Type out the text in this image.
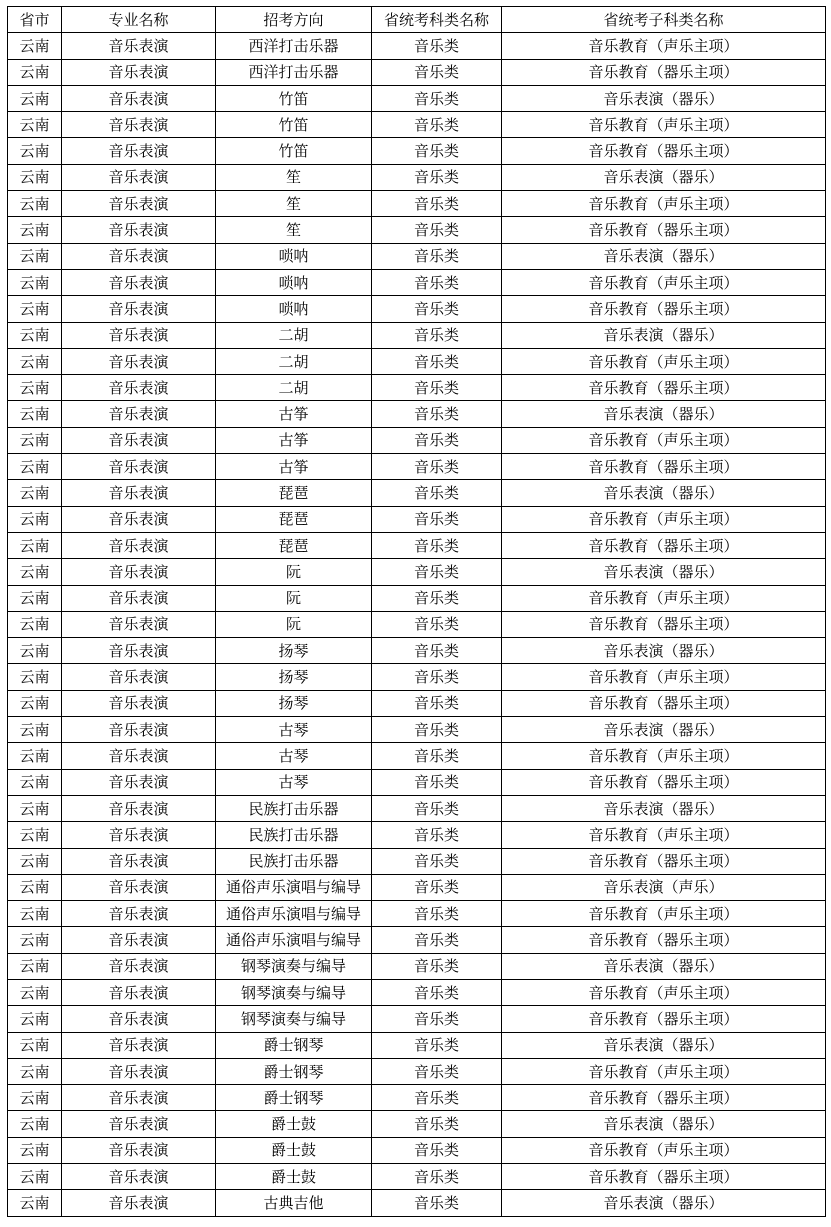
省市	专业名称	招考方向	省统考科类名称	省统考子科类名称
云南	音乐表演	西洋打击乐器	音乐类	音乐教育（声乐主项）
云南	音乐表演	西洋打击乐器	音乐类	音乐教育（器乐主项）
云南	音乐表演	竹笛	音乐类	音乐表演（器乐）
云南	音乐表演	竹笛	音乐类	音乐教育（声乐主项）
云南	音乐表演	竹笛	音乐类	音乐教育（器乐主项）
云南	音乐表演	笙	音乐类	音乐表演（器乐）
云南	音乐表演	笙	音乐类	音乐教育（声乐主项）
云南	音乐表演	笙	音乐类	音乐教育（器乐主项）
云南	音乐表演	唢呐	音乐类	音乐表演（器乐）
云南	音乐表演	唢呐	音乐类	音乐教育（声乐主项）
云南	音乐表演	唢呐	音乐类	音乐教育（器乐主项）
云南	音乐表演	二胡	音乐类	音乐表演（器乐）
云南	音乐表演	二胡	音乐类	音乐教育（声乐主项）
云南	音乐表演	二胡	音乐类	音乐教育（器乐主项）
云南	音乐表演	古筝	音乐类	音乐表演（器乐）
云南	音乐表演	古筝	音乐类	音乐教育（声乐主项）
云南	音乐表演	古筝	音乐类	音乐教育（器乐主项）
云南	音乐表演	琵琶	音乐类	音乐表演（器乐）
云南	音乐表演	琵琶	音乐类	音乐教育（声乐主项）
云南	音乐表演	琵琶	音乐类	音乐教育（器乐主项）
云南	音乐表演	阮	音乐类	音乐表演（器乐）
云南	音乐表演	阮	音乐类	音乐教育（声乐主项）
云南	音乐表演	阮	音乐类	音乐教育（器乐主项）
云南	音乐表演	扬琴	音乐类	音乐表演（器乐）
云南	音乐表演	扬琴	音乐类	音乐教育（声乐主项）
云南	音乐表演	扬琴	音乐类	音乐教育（器乐主项）
云南	音乐表演	古琴	音乐类	音乐表演（器乐）
云南	音乐表演	古琴	音乐类	音乐教育（声乐主项）
云南	音乐表演	古琴	音乐类	音乐教育（器乐主项）
云南	音乐表演	民族打击乐器	音乐类	音乐表演（器乐）
云南	音乐表演	民族打击乐器	音乐类	音乐教育（声乐主项）
云南	音乐表演	民族打击乐器	音乐类	音乐教育（器乐主项）
云南	音乐表演	通俗声乐演唱与编导	音乐类	音乐表演（声乐）
云南	音乐表演	通俗声乐演唱与编导	音乐类	音乐教育（声乐主项）
云南	音乐表演	通俗声乐演唱与编导	音乐类	音乐教育（器乐主项）
云南	音乐表演	钢琴演奏与编导	音乐类	音乐表演（器乐）
云南	音乐表演	钢琴演奏与编导	音乐类	音乐教育（声乐主项）
云南	音乐表演	钢琴演奏与编导	音乐类	音乐教育（器乐主项）
云南	音乐表演	爵士钢琴	音乐类	音乐表演（器乐）
云南	音乐表演	爵士钢琴	音乐类	音乐教育（声乐主项）
云南	音乐表演	爵士钢琴	音乐类	音乐教育（器乐主项）
云南	音乐表演	爵士鼓	音乐类	音乐表演（器乐）
云南	音乐表演	爵士鼓	音乐类	音乐教育（声乐主项）
云南	音乐表演	爵士鼓	音乐类	音乐教育（器乐主项）
云南	音乐表演	古典吉他	音乐类	音乐表演（器乐）
